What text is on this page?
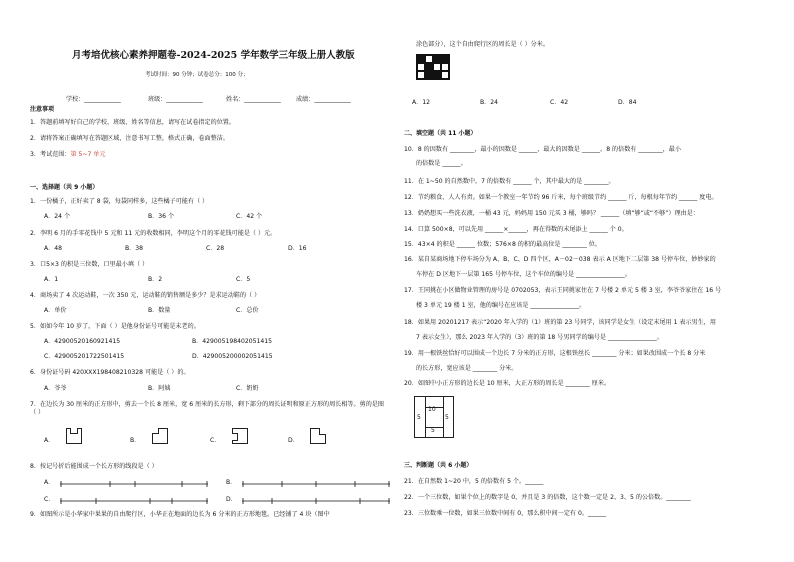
月考培优核心素养押题卷-2024-2025 学年数学三年级上册人教版
考试时间：90 分钟；试卷总分：100 分；
学校：____________	班级：____________	姓名：____________ 成绩：____________
注意事项
1．答题前填写好自己的学校、班级、姓名等信息，请写在试卷指定的位置。
2．请将答案正确填写在答题区域，注意书写工整，格式正确，卷面整洁。
3．考试范围：第 5~7 单元
一、选择题（共 9 小题）
1．一份橘子，正好卖了 8 袋，每袋同样多，这些橘子可能有（ ）
A．24 个	B．36 个	C．42 个
2．李明 6 月的手零花钱中 5 元和 11 元的收数相同，李明这个月的零花钱可能是（ ）元。
A．48	B．38	C．28	D．16
3．口5×3 的积是三位数，口里最小填（ ）
A．1	B．2	C．5
4．商场卖了 4 次运动鞋，一次 350 元，运动鞋的销售额是多少？是求运动鞋的（ ）
A．单价	B．数量	C．总价
5．如如今年 10 岁了，下面（ ）是他身份证号可能是末老的。
A．42900520160921415	B．429005198402051415
C．429005201722501415	D．429005200002051415
6．身份证号码 420XXX198408210328 可能是（ ）的。
A．爷爷	B．阿姨	C．奶奶
7．在边长为 30 厘米的正方形中，剪去一个长 8 厘米，宽 6 厘米的长方形，剩下部分的周长证明和原正方形的周长相等。剪的是图（ ）
A．	B．	C．	D．
8．按记号折后能围成一个长方形的线段是（ ）
A．	B．
C．	D．
9．如图所示是小华家中果果的自由爬行区，小华正在地面的边长为 6 分米的正方形地毯。已经铺了 4 块（图中
涂色部分），这个自由爬行区的周长是（ ）分米。
A．12	B．24	C．42	D．84
二、填空题（共 11 小题）
10．8 的因数有 ________，最小的因数是 ______，最大的因数是 ______。8 的倍数有 ________，最小
的倍数是 ______。
11．在 1~50 的自然数中，7 的倍数有 ______ 个，其中最大的是 ________。
12．节约粮食，人人有责。如果一个教室一年节约 96 斤米，每个班级节约 ______ 斤，每根每年节约 ______ 度电。
13．奶奶想买一些洗衣液，一桶 43 元，妈妈用 150 元买 3 桶，够吗？ ______（填“够”或“不够”）理由是：
14．口算 500×8，可以先用 ______×______，再在得数的末尾添上 ______ 个 0。
15．43×4 的积是 ______ 位数；576×8 的积的最高位是 ________ 位。
16．某自某商场地下停车场分为 A、B、C、D 四个区，A－02－038 表示 A 区地下二层第 38 号停车位，妙妙家的
车停在 D 区地下一层第 165 号停车位，这个车位的编号是 ________________。
17．王同挑在小区做物业管理的房号是 0702053，表示王同挑家住在 7 号楼 2 单元 5 楼 3 室，李爷爷家住在 16 号
楼 3 单元 19 楼 1 室，他的编号在应该是 ________________。
18．如果用 20201217 表示“2020 年入学的（1）班的第 23 号同学，该同学是女生（设定末尾用 1 表示男生，用
7 表示女生），那么 2023 年入学的（3）班的第 18 号男同学的编号是 ________________。
19．用一根铁丝恰好可以围成一个边长 7 分米的正方形，这根铁丝长 ________ 分米；如果改围成一个长 8 分米
的长方形，宽应该是 ________ 分米。
20．如图中小正方形的边长是 10 厘米，大正方形的周长是 ________ 厘米。
10
5	5
5
三、判断题（共 6 小题）
21．在自然数 1~20 中，5 的倍数有 5 个。______
22．一个三位数，如果个位上的数字是 0，并且是 3 的倍数，这个数一定是 2、3、5 的公倍数。________
23．三位数乘一位数，如果三位数中间有 0，那么积中间一定有 0。______
